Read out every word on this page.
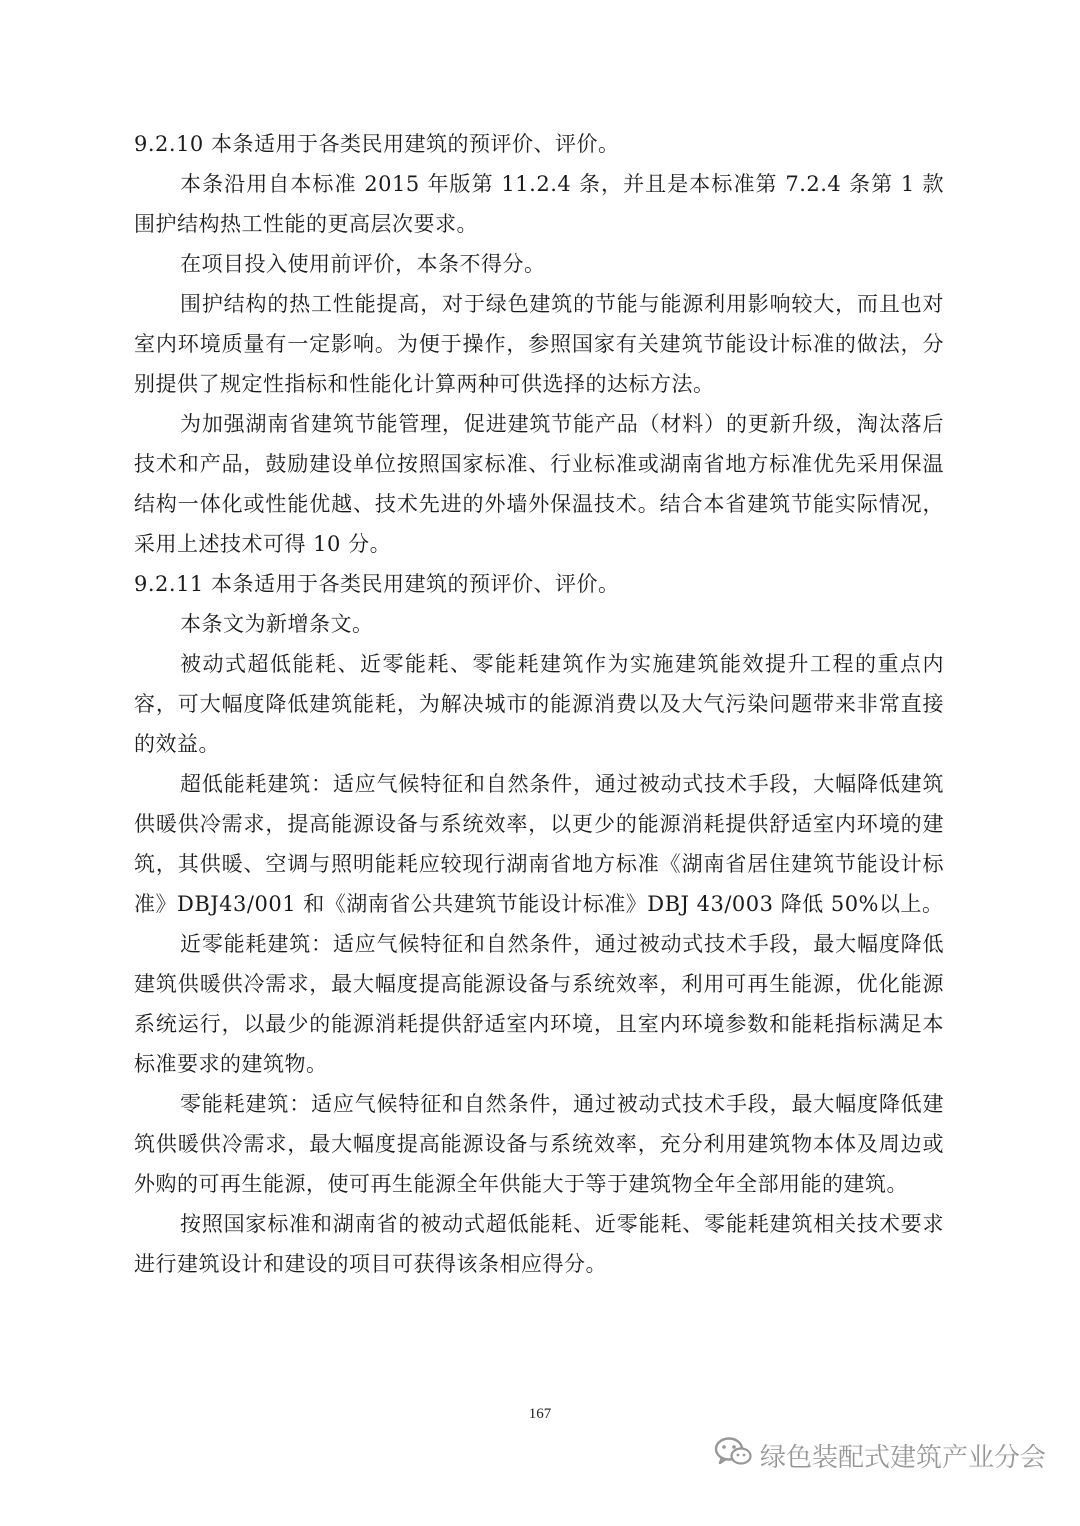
9.2.10 本条适用于各类民用建筑的预评价、评价。

本条沿用自本标准 2015 年版第 11.2.4 条，并且是本标准第 7.2.4 条第 1 款围护结构热工性能的更高层次要求。

在项目投入使用前评价，本条不得分。

围护结构的热工性能提高，对于绿色建筑的节能与能源利用影响较大，而且也对室内环境质量有一定影响。为便于操作，参照国家有关建筑节能设计标准的做法，分别提供了规定性指标和性能化计算两种可供选择的达标方法。

为加强湖南省建筑节能管理，促进建筑节能产品（材料）的更新升级，淘汰落后技术和产品，鼓励建设单位按照国家标准、行业标准或湖南省地方标准优先采用保温结构一体化或性能优越、技术先进的外墙外保温技术。结合本省建筑节能实际情况，采用上述技术可得 10 分。

9.2.11 本条适用于各类民用建筑的预评价、评价。

本条文为新增条文。

被动式超低能耗、近零能耗、零能耗建筑作为实施建筑能效提升工程的重点内容，可大幅度降低建筑能耗，为解决城市的能源消费以及大气污染问题带来非常直接的效益。

超低能耗建筑：适应气候特征和自然条件，通过被动式技术手段，大幅降低建筑供暖供冷需求，提高能源设备与系统效率，以更少的能源消耗提供舒适室内环境的建筑，其供暖、空调与照明能耗应较现行湖南省地方标准《湖南省居住建筑节能设计标准》DBJ43/001 和《湖南省公共建筑节能设计标准》DBJ 43/003 降低 50%以上。

近零能耗建筑：适应气候特征和自然条件，通过被动式技术手段，最大幅度降低建筑供暖供冷需求，最大幅度提高能源设备与系统效率，利用可再生能源，优化能源系统运行，以最少的能源消耗提供舒适室内环境，且室内环境参数和能耗指标满足本标准要求的建筑物。

零能耗建筑：适应气候特征和自然条件，通过被动式技术手段，最大幅度降低建筑供暖供冷需求，最大幅度提高能源设备与系统效率，充分利用建筑物本体及周边或外购的可再生能源，使可再生能源全年供能大于等于建筑物全年全部用能的建筑。

按照国家标准和湖南省的被动式超低能耗、近零能耗、零能耗建筑相关技术要求进行建筑设计和建设的项目可获得该条相应得分。

167
绿色装配式建筑产业分会
